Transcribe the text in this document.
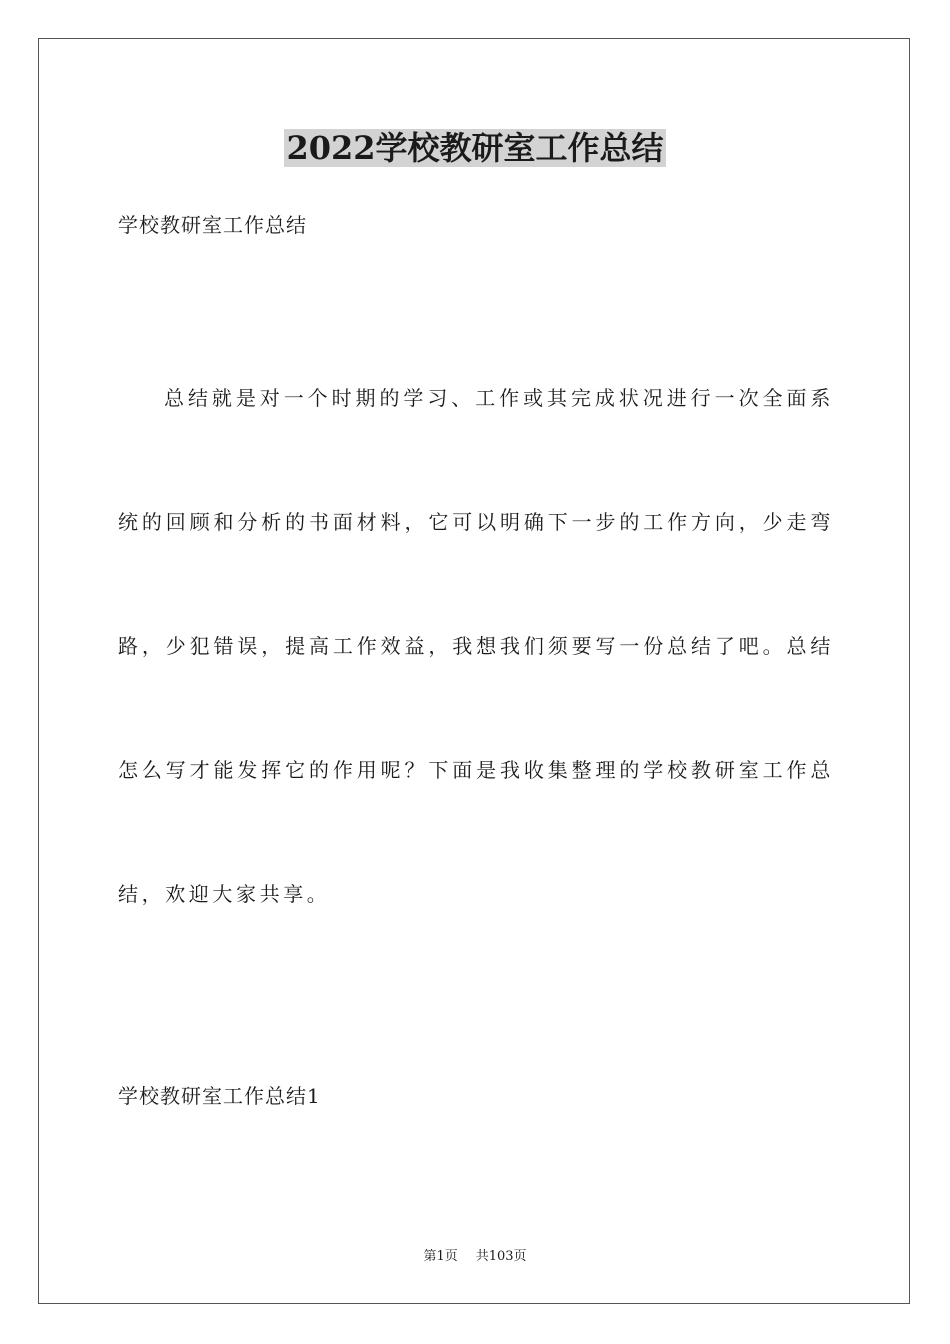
2022学校教研室工作总结

学校教研室工作总结

总结就是对一个时期的学习、工作或其完成状况进行一次全面系统的回顾和分析的书面材料，它可以明确下一步的工作方向，少走弯路，少犯错误，提高工作效益，我想我们须要写一份总结了吧。总结怎么写才能发挥它的作用呢？下面是我收集整理的学校教研室工作总结，欢迎大家共享。

学校教研室工作总结1

第1页 共103页
